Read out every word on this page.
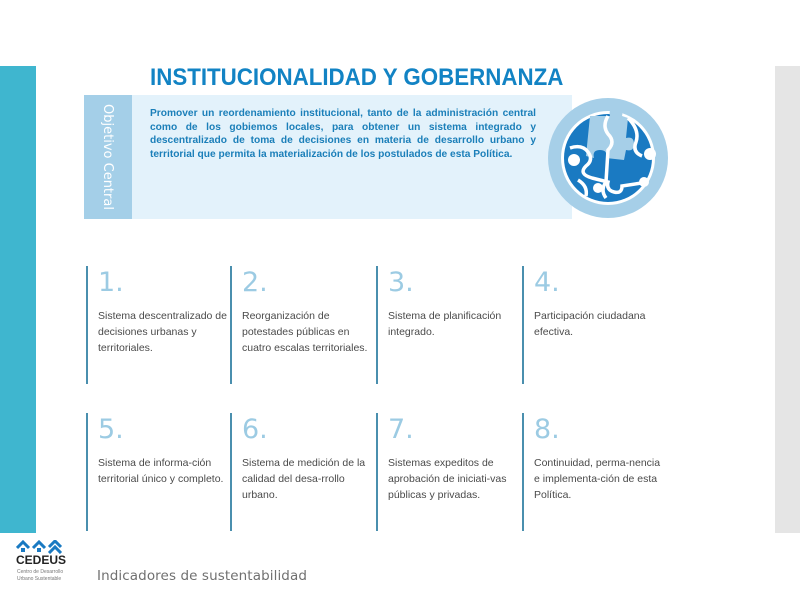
INSTITUCIONALIDAD Y GOBERNANZA
Objetivo Central	Promover un reordenamiento institucional, tanto de la administración central como de los gobiemos locales, para obtener un sistema integrado y descentralizado de toma de decisiones en materia de desarrollo urbano y territorial que permita la materialización de los postulados de esta Política.
1.
Sistema descentralizado de decisiones urbanas y territoriales.
2.
Reorganización de potestades públicas en cuatro escalas territoriales.
3.
Sistema de planificación integrado.
4.
Participación ciudadana efectiva.
5.
Sistema de informa-ción territorial único y completo.
6.
Sistema de medición de la calidad del desa-rrollo urbano.
7.
Sistemas expeditos de aprobación de iniciati-vas públicas y privadas.
8.
Continuidad, perma-nencia e implementa-ción de esta Política.
CEDEUS
Centro de Desarrollo
Urbano Sustentable	Indicadores de sustentabilidad
